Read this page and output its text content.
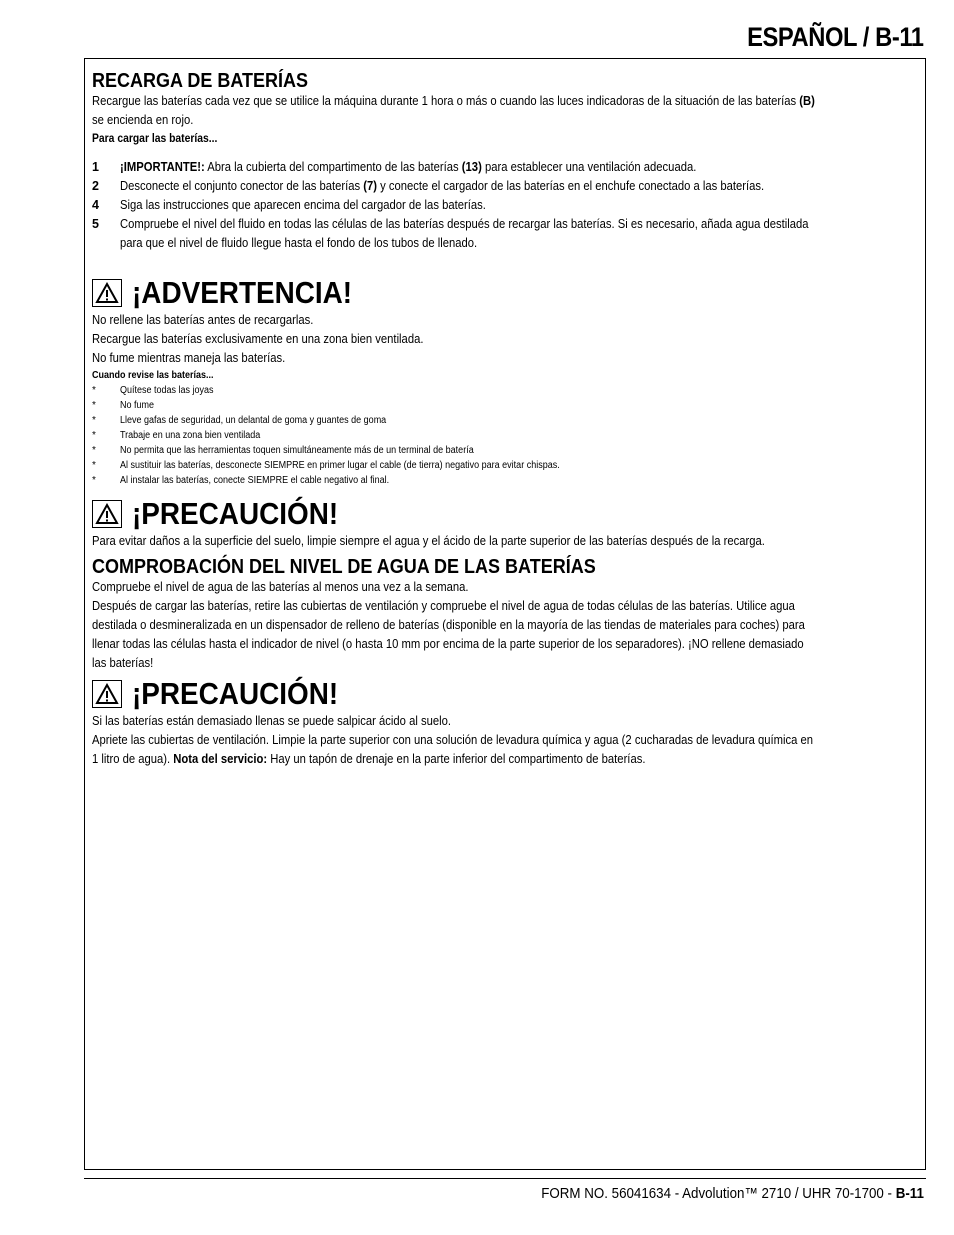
ESPAÑOL / B-11
RECARGA DE BATERÍAS

Recargue las baterías cada vez que se utilice la máquina durante 1 hora o más o cuando las luces indicadoras de la situación de las baterías (B)

se encienda en rojo.

Para cargar las baterías...

1	¡IMPORTANTE!: Abra la cubierta del compartimento de las baterías (13) para establecer una ventilación adecuada.
2	Desconecte el conjunto conector de las baterías (7) y conecte el cargador de las baterías en el enchufe conectado a las baterías.
4	Siga las instrucciones que aparecen encima del cargador de las baterías.
5	Compruebe el nivel del fluido en todas las células de las baterías después de recargar las baterías. Si es necesario, añada agua destilada
para que el nivel de fluido llegue hasta el fondo de los tubos de llenado.
¡ADVERTENCIA!

No rellene las baterías antes de recargarlas.

Recargue las baterías exclusivamente en una zona bien ventilada.

No fume mientras maneja las baterías.

Cuando revise las baterías...
*	Quítese todas las joyas
*	No fume
*	Lleve gafas de seguridad, un delantal de goma y guantes de goma
*	Trabaje en una zona bien ventilada
*	No permita que las herramientas toquen simultáneamente más de un terminal de batería
*	Al sustituir las baterías, desconecte SIEMPRE en primer lugar el cable (de tierra) negativo para evitar chispas.
*	Al instalar las baterías, conecte SIEMPRE el cable negativo al final.
¡PRECAUCIÓN!

Para evitar daños a la superficie del suelo, limpie siempre el agua y el ácido de la parte superior de las baterías después de la recarga.

COMPROBACIÓN DEL NIVEL DE AGUA DE LAS BATERÍAS

Compruebe el nivel de agua de las baterías al menos una vez a la semana.

Después de cargar las baterías, retire las cubiertas de ventilación y compruebe el nivel de agua de todas células de las baterías. Utilice agua

destilada o desmineralizada en un dispensador de relleno de baterías (disponible en la mayoría de las tiendas de materiales para coches) para

llenar todas las células hasta el indicador de nivel (o hasta 10 mm por encima de la parte superior de los separadores). ¡NO rellene demasiado

las baterías!

¡PRECAUCIÓN!

Si las baterías están demasiado llenas se puede salpicar ácido al suelo.

Apriete las cubiertas de ventilación. Limpie la parte superior con una solución de levadura química y agua (2 cucharadas de levadura química en

1 litro de agua). Nota del servicio: Hay un tapón de drenaje en la parte inferior del compartimento de baterías.

FORM NO. 56041634 - Advolution™ 2710 / UHR 70-1700 - B-11
